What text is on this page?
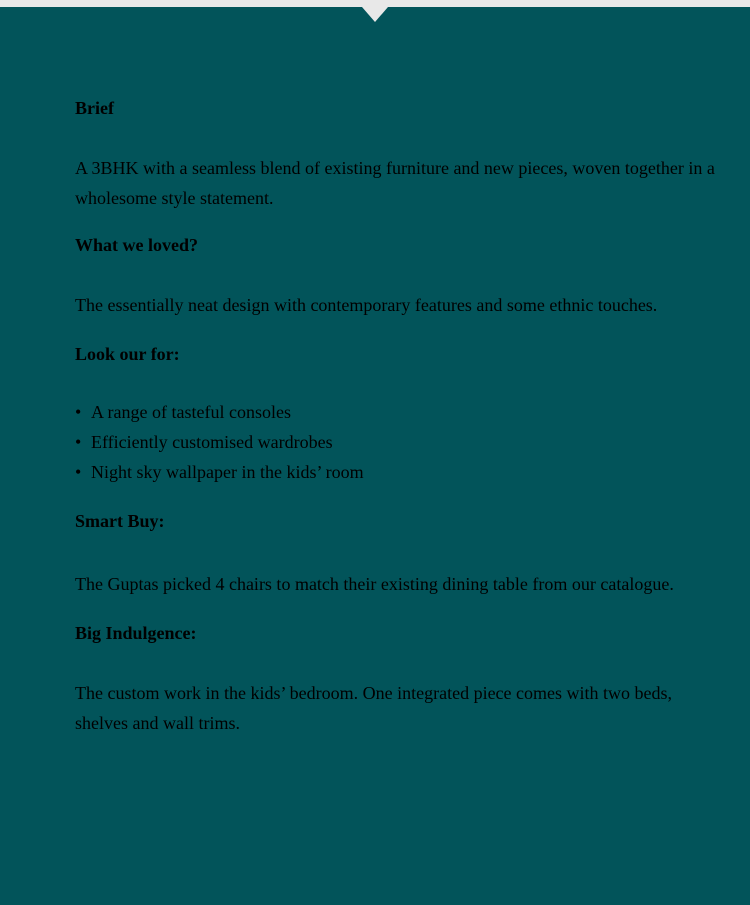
Brief

A 3BHK with a seamless blend of existing furniture and new pieces, woven together in a wholesome style statement.

What we loved?

The essentially neat design with contemporary features and some ethnic touches.

Look our for:
• A range of tasteful consoles
• Efficiently customised wardrobes
• Night sky wallpaper in the kids’ room
Smart Buy:

The Guptas picked 4 chairs to match their existing dining table from our catalogue.

Big Indulgence:

The custom work in the kids’ bedroom. One integrated piece comes with two beds, shelves and wall trims.
